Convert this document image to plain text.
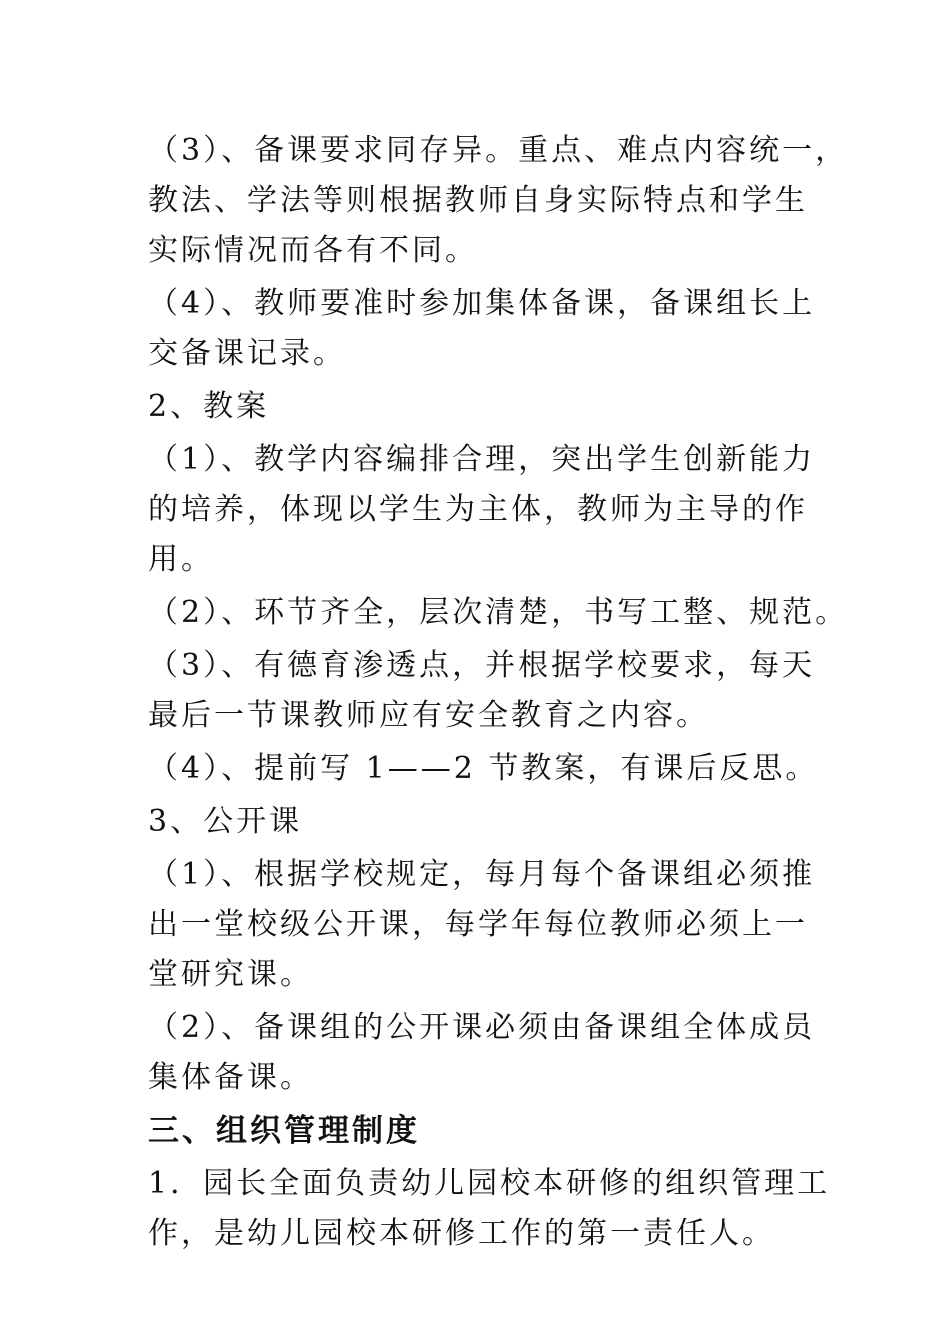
（3）、备课要求同存异。重点、难点内容统一，
教法、学法等则根据教师自身实际特点和学生
实际情况而各有不同。
（4）、教师要准时参加集体备课，备课组长上
交备课记录。
2、教案
（1）、教学内容编排合理，突出学生创新能力
的培养，体现以学生为主体，教师为主导的作
用。
（2）、环节齐全，层次清楚，书写工整、规范。
（3）、有德育渗透点，并根据学校要求，每天
最后一节课教师应有安全教育之内容。
（4）、提前写 1——2 节教案，有课后反思。
3、公开课
（1）、根据学校规定，每月每个备课组必须推
出一堂校级公开课，每学年每位教师必须上一
堂研究课。
（2）、备课组的公开课必须由备课组全体成员
集体备课。
三、组织管理制度
1．园长全面负责幼儿园校本研修的组织管理工
作，是幼儿园校本研修工作的第一责任人。
